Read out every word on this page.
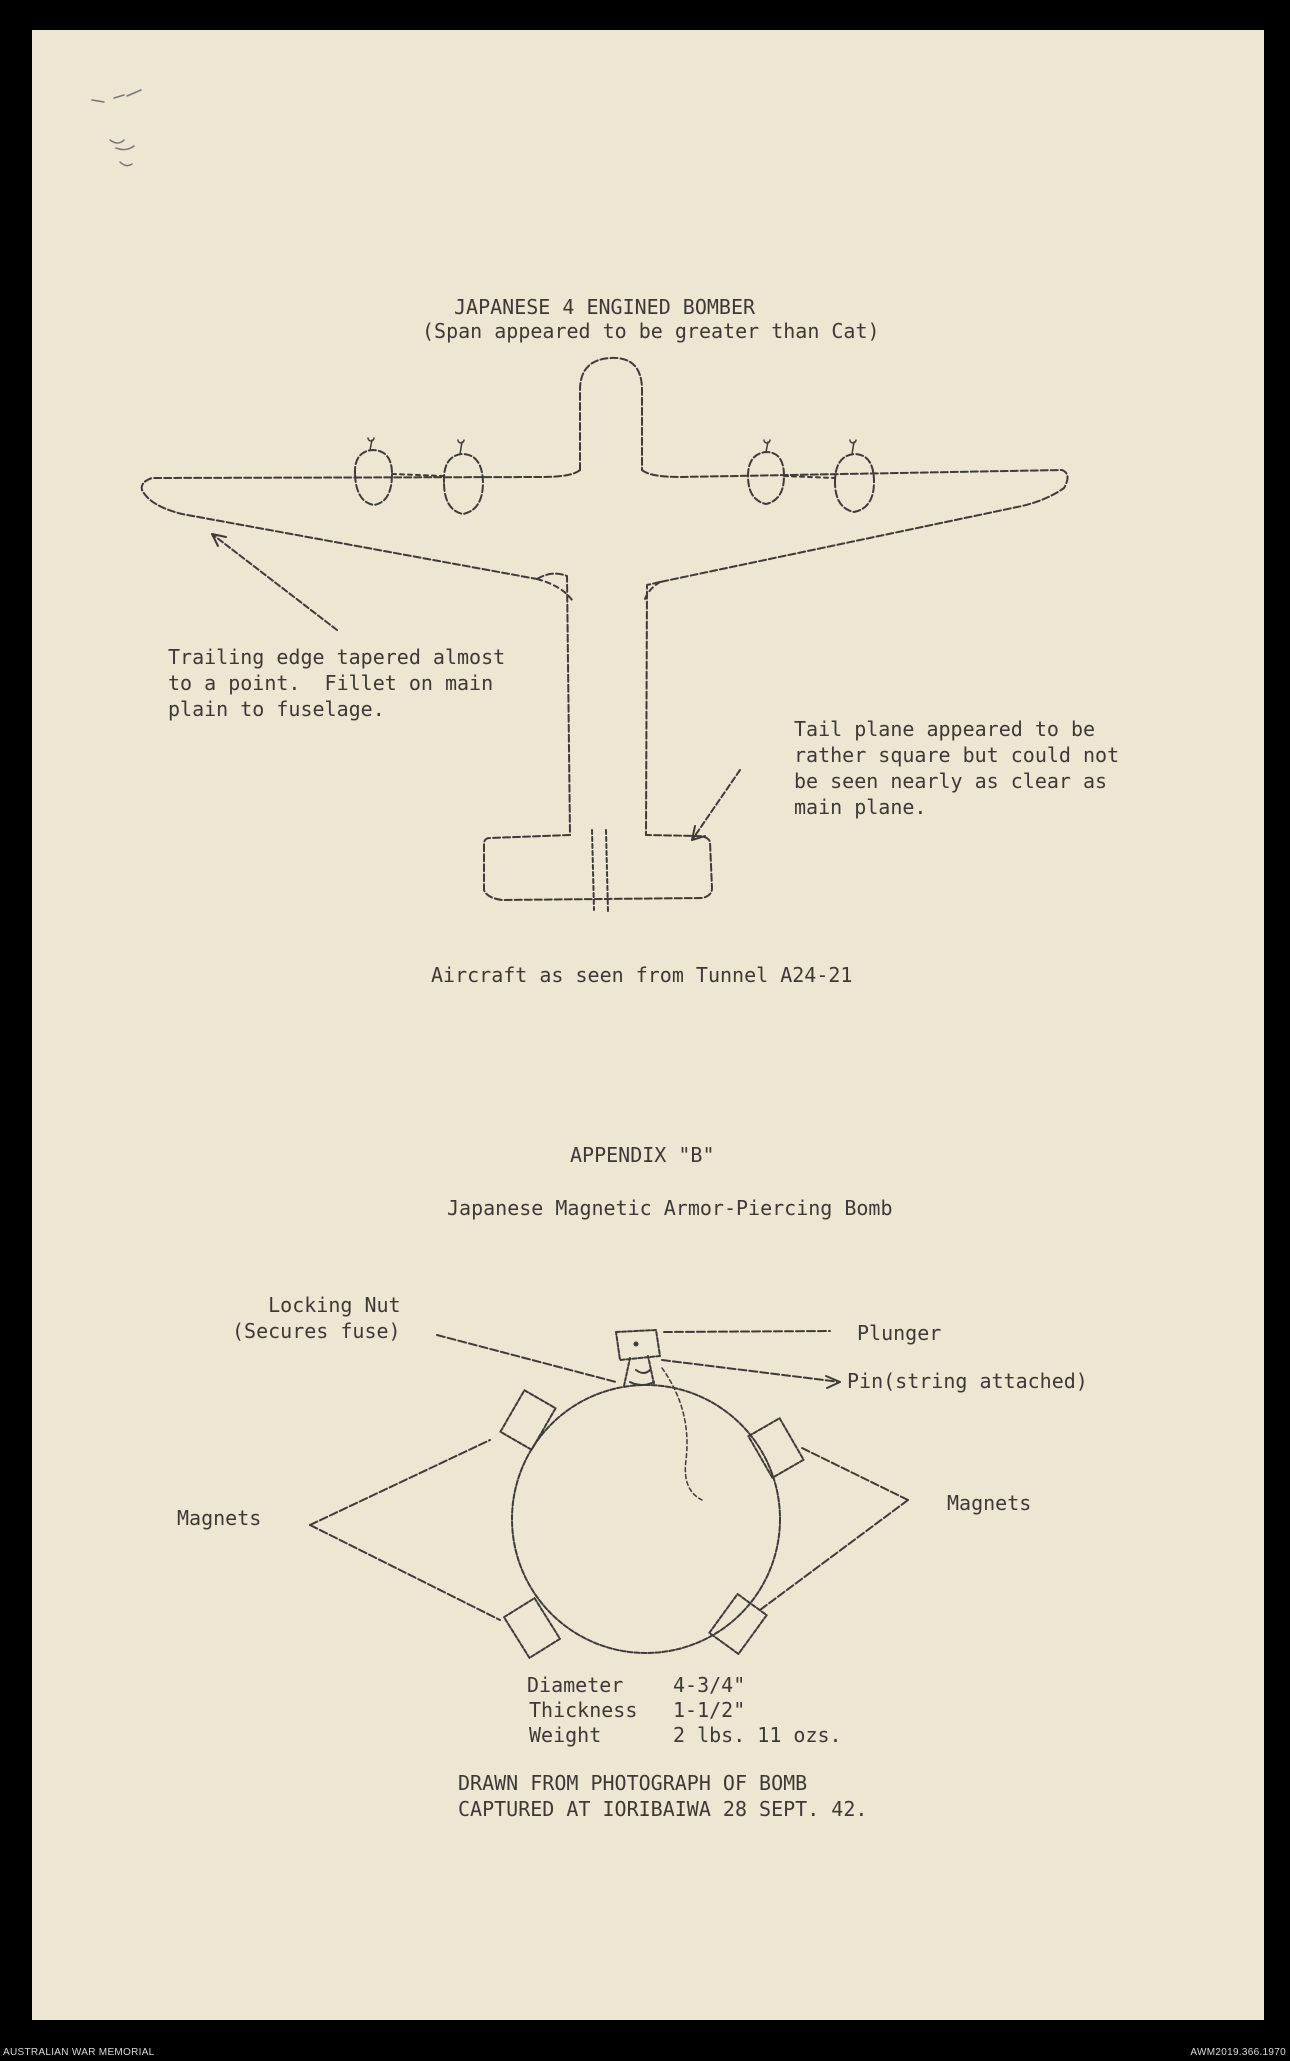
JAPANESE 4 ENGINED BOMBER
(Span appeared to be greater than Cat)
Trailing edge tapered almost
to a point.  Fillet on main
plain to fuselage.
Tail plane appeared to be
rather square but could not
be seen nearly as clear as
main plane.
Aircraft as seen from Tunnel A24-21
APPENDIX "B"
Japanese Magnetic Armor-Piercing Bomb
Locking Nut
(Secures fuse)	Plunger
Pin(string attached)
Magnets
Magnets
Diameter 4-3/4"
Thickness 1-1/2"
Weight	2 lbs. 11 ozs.
DRAWN FROM PHOTOGRAPH OF BOMB
CAPTURED AT IORIBAIWA 28 SEPT. 42.
AUSTRALIAN WAR MEMORIAL	AWM2019.366.1970
